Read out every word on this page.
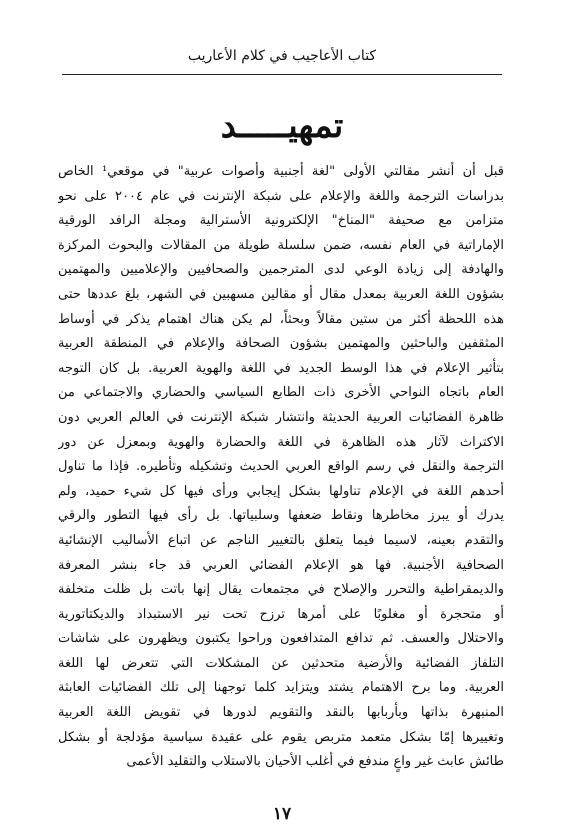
كتاب الأعاجيب في كلام الأعاريب
تمهيـــــد
قبل أن أنشر مقالتي الأولى "لغة أجنبية وأصوات عربية" في موقعي¹ الخاص
بدراسات الترجمة واللغة والإعلام على شبكة الإنترنت في عام ٢٠٠٤ على نحو
متزامن مع صحيفة "المناخ" الإلكترونية الأسترالية ومجلة الرافد الورقية
الإماراتية في العام نفسه، ضمن سلسلة طويلة من المقالات والبحوث المركزة
والهادفة إلى زيادة الوعي لدى المترجمين والصحافيين والإعلاميين والمهتمين
بشؤون اللغة العربية بمعدل مقال أو مقالين مسهبين في الشهر، بلغ عددها حتى
هذه اللحظة أكثر من ستين مقالاً وبحثاً، لم يكن هناك اهتمام يذكر في أوساط
المثقفين والباحثين والمهتمين بشؤون الصحافة والإعلام في المنطقة العربية
بتأثير الإعلام في هذا الوسط الجديد في اللغة والهوية العربية. بل كان التوجه
العام باتجاه النواحي الأخرى ذات الطابع السياسي والحضاري والاجتماعي من
ظاهرة الفضائيات العربية الحديثة وانتشار شبكة الإنترنت في العالم العربي دون
الاكتراث لآثار هذه الظاهرة في اللغة والحضارة والهوية وبمعزل عن دور
الترجمة والنقل في رسم الواقع العربي الحديث وتشكيله وتأطيره. فإذا ما تناول
أحدهم اللغة في الإعلام تناولها بشكل إيجابي ورأى فيها كل شيء حميد، ولم
يدرك أو يبرز مخاطرها ونقاط ضعفها وسلبياتها. بل رأى فيها التطور والرقي
والتقدم بعينه، لاسيما فيما يتعلق بالتغيير الناجم عن اتباع الأساليب الإنشائية
الصحافية الأجنبية. فها هو الإعلام الفضائي العربي قد جاء بنشر المعرفة
والديمقراطية والتحرر والإصلاح في مجتمعات يقال إنها باتت بل ظلت متخلفة
أو متحجرة أو مغلوبًا على أمرها ترزح تحت نير الاستبداد والديكتاتورية
والاحتلال والعسف. ثم تدافع المتدافعون وراحوا يكتبون ويظهرون على شاشات
التلفاز الفضائية والأرضية متحدثين عن المشكلات التي تتعرض لها اللغة
العربية. وما برح الاهتمام يشتد ويتزايد كلما توجهنا إلى تلك الفضائيات العابثة
المنبهرة بذاتها وبأربابها بالنقد والتقويم لدورها في تقويض اللغة العربية
وتغييرها إمّا بشكل متعمد متربص يقوم على عقيدة سياسية مؤدلجة أو بشكل
طائش عابث غير واعٍ مندفع في أغلب الأحيان بالاستلاب والتقليد الأعمى
١٧
